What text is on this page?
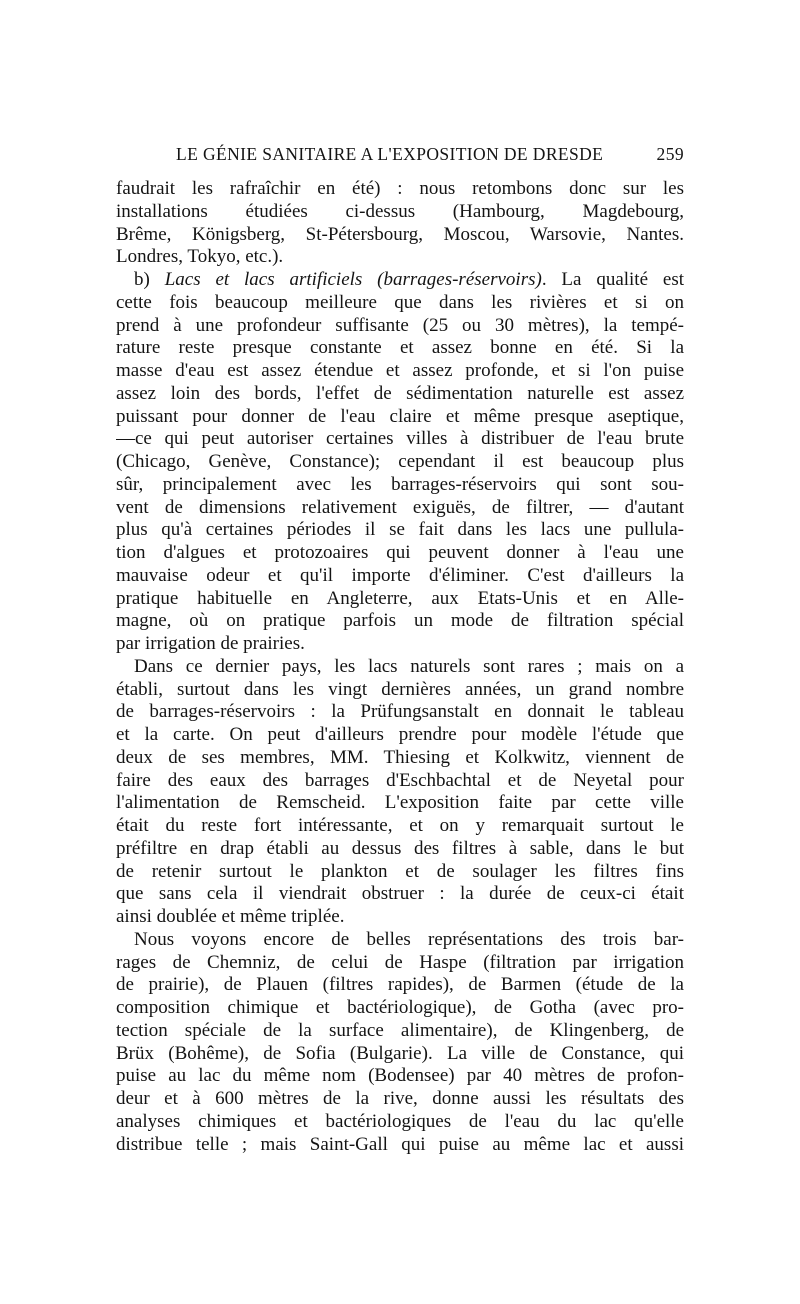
LE GÉNIE SANITAIRE A L'EXPOSITION DE DRESDE	259
faudrait les rafraîchir en été) : nous retombons donc sur les
installations étudiées ci-dessus (Hambourg, Magdebourg,
Brême, Königsberg, St-Pétersbourg, Moscou, Warsovie, Nantes.
Londres, Tokyo, etc.).
b) Lacs et lacs artificiels (barrages-réservoirs). La qualité est
cette fois beaucoup meilleure que dans les rivières et si on
prend à une profondeur suffisante (25 ou 30 mètres), la tempé-
rature reste presque constante et assez bonne en été. Si la
masse d'eau est assez étendue et assez profonde, et si l'on puise
assez loin des bords, l'effet de sédimentation naturelle est assez
puissant pour donner de l'eau claire et même presque aseptique,
—ce qui peut autoriser certaines villes à distribuer de l'eau brute
(Chicago, Genève, Constance); cependant il est beaucoup plus
sûr, principalement avec les barrages-réservoirs qui sont sou-
vent de dimensions relativement exiguës, de filtrer, — d'autant
plus qu'à certaines périodes il se fait dans les lacs une pullula-
tion d'algues et protozoaires qui peuvent donner à l'eau une
mauvaise odeur et qu'il importe d'éliminer. C'est d'ailleurs la
pratique habituelle en Angleterre, aux Etats-Unis et en Alle-
magne, où on pratique parfois un mode de filtration spécial
par irrigation de prairies.
Dans ce dernier pays, les lacs naturels sont rares ; mais on a
établi, surtout dans les vingt dernières années, un grand nombre
de barrages-réservoirs : la Prüfungsanstalt en donnait le tableau
et la carte. On peut d'ailleurs prendre pour modèle l'étude que
deux de ses membres, MM. Thiesing et Kolkwitz, viennent de
faire des eaux des barrages d'Eschbachtal et de Neyetal pour
l'alimentation de Remscheid. L'exposition faite par cette ville
était du reste fort intéressante, et on y remarquait surtout le
préfiltre en drap établi au dessus des filtres à sable, dans le but
de retenir surtout le plankton et de soulager les filtres fins
que sans cela il viendrait obstruer : la durée de ceux-ci était
ainsi doublée et même triplée.
Nous voyons encore de belles représentations des trois bar-
rages de Chemniz, de celui de Haspe (filtration par irrigation
de prairie), de Plauen (filtres rapides), de Barmen (étude de la
composition chimique et bactériologique), de Gotha (avec pro-
tection spéciale de la surface alimentaire), de Klingenberg, de
Brüx (Bohême), de Sofia (Bulgarie). La ville de Constance, qui
puise au lac du même nom (Bodensee) par 40 mètres de profon-
deur et à 600 mètres de la rive, donne aussi les résultats des
analyses chimiques et bactériologiques de l'eau du lac qu'elle
distribue telle ; mais Saint-Gall qui puise au même lac et aussi
